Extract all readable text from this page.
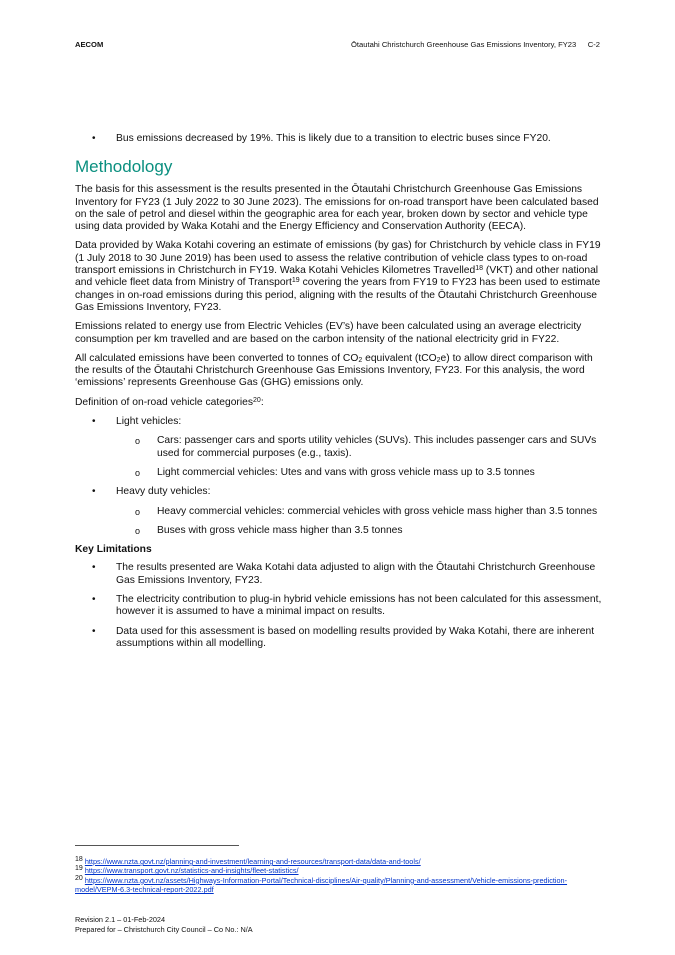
AECOM	Ōtautahi Christchurch Greenhouse Gas Emissions Inventory, FY23 C-2
• Bus emissions decreased by 19%. This is likely due to a transition to electric buses since FY20.
Methodology

The basis for this assessment is the results presented in the Ōtautahi Christchurch Greenhouse Gas Emissions Inventory for FY23 (1 July 2022 to 30 June 2023). The emissions for on-road transport have been calculated based on the sale of petrol and diesel within the geographic area for each year, broken down by sector and vehicle type using data provided by Waka Kotahi and the Energy Efficiency and Conservation Authority (EECA).

Data provided by Waka Kotahi covering an estimate of emissions (by gas) for Christchurch by vehicle class in FY19 (1 July 2018 to 30 June 2019) has been used to assess the relative contribution of vehicle class types to on-road transport emissions in Christchurch in FY19. Waka Kotahi Vehicles Kilometres Travelled$^{18}$ (VKT) and other national and vehicle fleet data from Ministry of Transport$^{19}$ covering the years from FY19 to FY23 has been used to estimate changes in on-road emissions during this period, aligning with the results of the Ōtautahi Christchurch Greenhouse Gas Emissions Inventory, FY23.

Emissions related to energy use from Electric Vehicles (EV’s) have been calculated using an average electricity consumption per km travelled and are based on the carbon intensity of the national electricity grid in FY22.

All calculated emissions have been converted to tonnes of $CO_2$ equivalent (tCO$_2$e) to allow direct comparison with the results of the Ōtautahi Christchurch Greenhouse Gas Emissions Inventory, FY23. For this analysis, the word ‘emissions’ represents Greenhouse Gas (GHG) emissions only.

Definition of on-road vehicle categories$^{20}$:

• Light vehicles:
o Cars: passenger cars and sports utility vehicles (SUVs). This includes passenger cars and SUVs used for commercial purposes (e.g., taxis).
o Light commercial vehicles: Utes and vans with gross vehicle mass up to 3.5 tonnes
• Heavy duty vehicles:
o Heavy commercial vehicles: commercial vehicles with gross vehicle mass higher than 3.5 tonnes
o Buses with gross vehicle mass higher than 3.5 tonnes
Key Limitations
• The results presented are Waka Kotahi data adjusted to align with the Ōtautahi Christchurch Greenhouse Gas Emissions Inventory, FY23.
• The electricity contribution to plug-in hybrid vehicle emissions has not been calculated for this assessment, however it is assumed to have a minimal impact on results.
• Data used for this assessment is based on modelling results provided by Waka Kotahi, there are inherent assumptions within all modelling.
$^{18}$ https://www.nzta.govt.nz/planning-and-investment/learning-and-resources/transport-data/data-and-tools/
$^{19}$ https://www.transport.govt.nz/statistics-and-insights/fleet-statistics/
$^{20}$ https://www.nzta.govt.nz/assets/Highways-Information-Portal/Technical-disciplines/Air-quality/Planning-and-assessment/Vehicle-emissions-prediction-model/VEPM-6.3-technical-report-2022.pdf
Revision 2.1 – 01-Feb-2024
Prepared for – Christchurch City Council – Co No.: N/A
